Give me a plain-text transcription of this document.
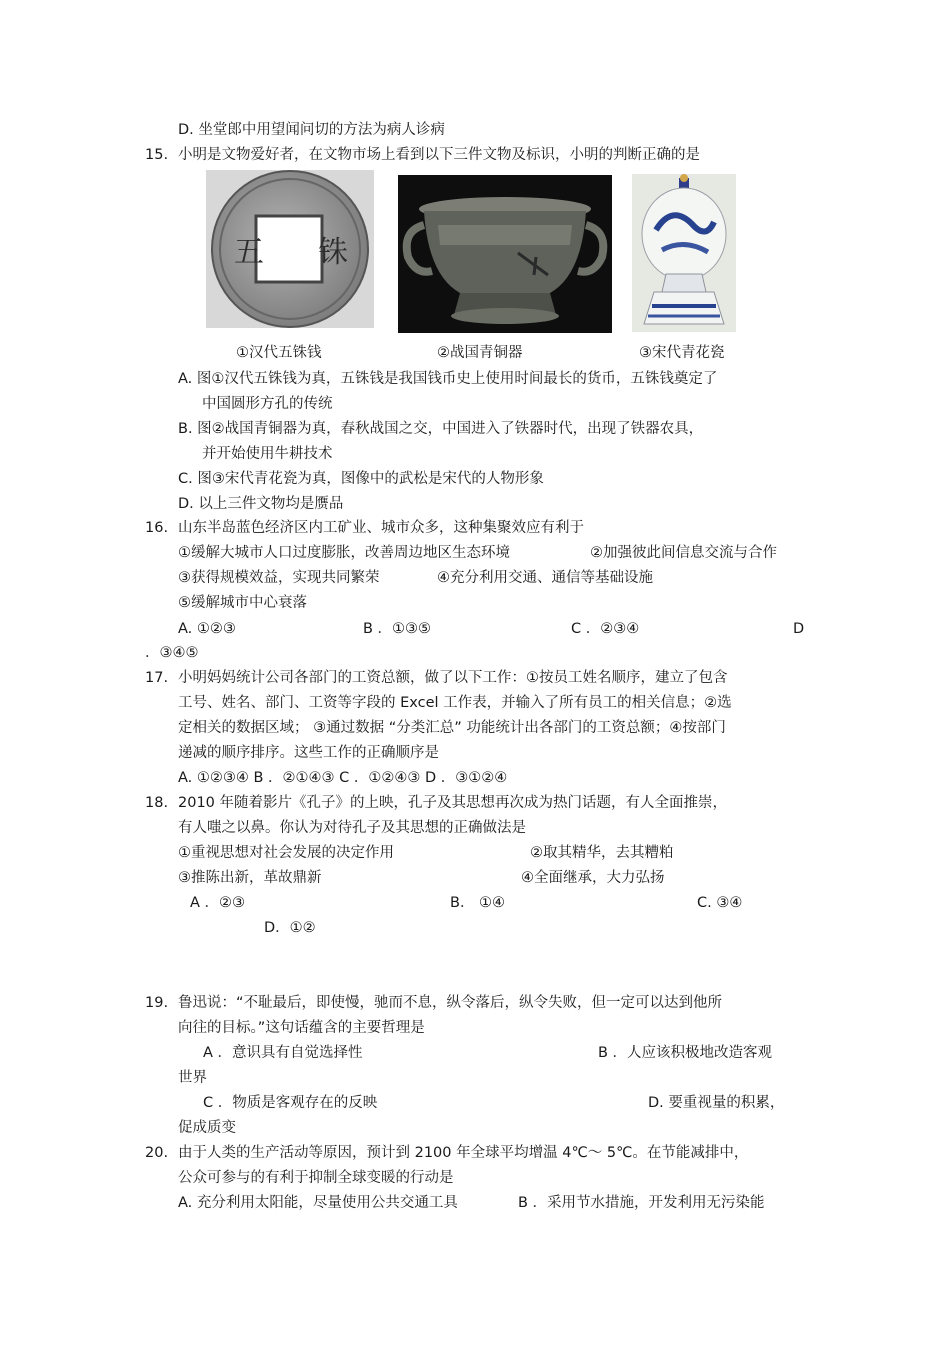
D. 坐堂郎中用望闻问切的方法为病人诊病
15. 小明是文物爱好者，在文物市场上看到以下三件文物及标识，小明的判断正确的是
五 铢
①汉代五铢钱	②战国青铜器	③宋代青花瓷
A. 图①汉代五铢钱为真，五铢钱是我国钱币史上使用时间最长的货币，五铢钱奠定了
中国圆形方孔的传统
B. 图②战国青铜器为真，春秋战国之交，中国进入了铁器时代，出现了铁器农具，
并开始使用牛耕技术
C. 图③宋代青花瓷为真，图像中的武松是宋代的人物形象
D. 以上三件文物均是赝品
16. 山东半岛蓝色经济区内工矿业、城市众多，这种集聚效应有利于
①缓解大城市人口过度膨胀，改善周边地区生态环境	②加强彼此间信息交流与合作
③获得规模效益，实现共同繁荣	④充分利用交通、通信等基础设施
⑤缓解城市中心衰落
A. ①②③	B ．①③⑤	C ．②③④	D
．③④⑤
17. 小明妈妈统计公司各部门的工资总额，做了以下工作：①按员工姓名顺序，建立了包含
工号、姓名、部门、工资等字段的 Excel 工作表，并输入了所有员工的相关信息；②选
定相关的数据区域； ③通过数据 “分类汇总” 功能统计出各部门的工资总额；④按部门
递减的顺序排序。这些工作的正确顺序是
A. ①②③④ B ．②①④③ C ．①②④③ D ．③①②④
18. 2010 年随着影片《孔子》的上映，孔子及其思想再次成为热门话题，有人全面推崇，
有人嗤之以鼻。你认为对待孔子及其思想的正确做法是
①重视思想对社会发展的决定作用	②取其精华，去其糟粕
③推陈出新，革故鼎新	④全面继承，大力弘扬
A ．②③	B． ①④	C. ③④
D．①②
19. 鲁迅说：“不耻最后，即使慢，驰而不息，纵令落后，纵令失败，但一定可以达到他所
向往的目标。”这句话蕴含的主要哲理是
A ．意识具有自觉选择性	B ．人应该积极地改造客观
世界
C ．物质是客观存在的反映	D. 要重视量的积累，
促成质变
20. 由于人类的生产活动等原因，预计到 2100 年全球平均增温 4℃～ 5℃。在节能减排中，
公众可参与的有利于抑制全球变暖的行动是
A. 充分利用太阳能，尽量使用公共交通工具	B ．采用节水措施，开发利用无污染能
